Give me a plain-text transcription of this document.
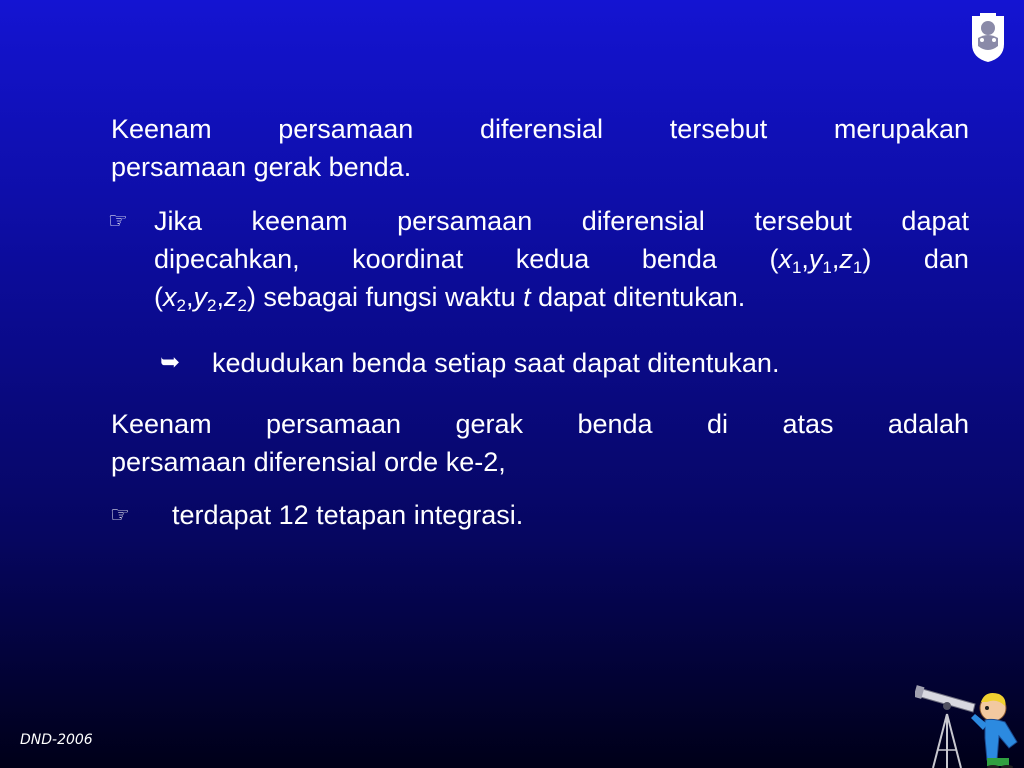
Keenam persamaan diferensial tersebut merupakan
persamaan gerak benda.
☞ Jika keenam persamaan diferensial tersebut dapat
dipecahkan, koordinat kedua benda $(x_1,y_1,z_1)$ dan
$(x_2,y_2,z_2)$ sebagai fungsi waktu t dapat ditentukan.
➥ kedudukan benda setiap saat dapat ditentukan.
Keenam persamaan gerak benda di atas adalah
persamaan diferensial orde ke-2,
☞ terdapat 12 tetapan integrasi.
DND-2006
